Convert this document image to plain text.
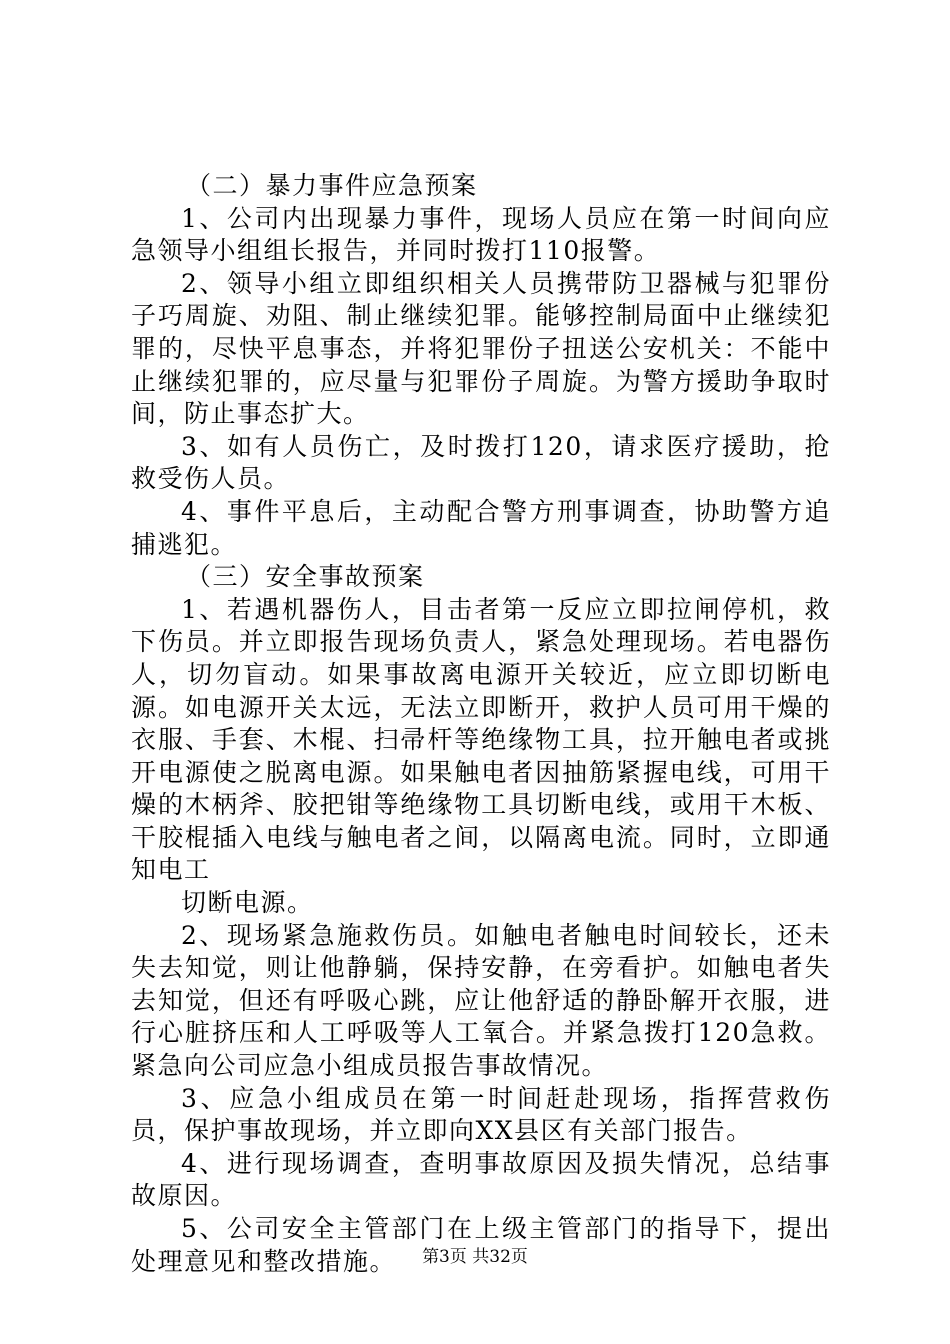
（二）暴力事件应急预案

1、公司内出现暴力事件，现场人员应在第一时间向应急领导小组组长报告，并同时拨打110报警。

2、领导小组立即组织相关人员携带防卫器械与犯罪份子巧周旋、劝阻、制止继续犯罪。能够控制局面中止继续犯罪的，尽快平息事态，并将犯罪份子扭送公安机关：不能中止继续犯罪的，应尽量与犯罪份子周旋。为警方援助争取时间，防止事态扩大。

3、如有人员伤亡，及时拨打120，请求医疗援助，抢救受伤人员。

4、事件平息后，主动配合警方刑事调查，协助警方追捕逃犯。

（三）安全事故预案

1、若遇机器伤人，目击者第一反应立即拉闸停机，救下伤员。并立即报告现场负责人，紧急处理现场。若电器伤人，切勿盲动。如果事故离电源开关较近，应立即切断电源。如电源开关太远，无法立即断开，救护人员可用干燥的衣服、手套、木棍、扫帚杆等绝缘物工具，拉开触电者或挑开电源使之脱离电源。如果触电者因抽筋紧握电线，可用干燥的木柄斧、胶把钳等绝缘物工具切断电线，或用干木板、干胶棍插入电线与触电者之间，以隔离电流。同时，立即通知电工

切断电源。

2、现场紧急施救伤员。如触电者触电时间较长，还未失去知觉，则让他静躺，保持安静，在旁看护。如触电者失去知觉，但还有呼吸心跳，应让他舒适的静卧解开衣服，进行心脏挤压和人工呼吸等人工氧合。并紧急拨打120急救。紧急向公司应急小组成员报告事故情况。

3、应急小组成员在第一时间赶赴现场，指挥营救伤员，保护事故现场，并立即向XX县区有关部门报告。

4、进行现场调查，查明事故原因及损失情况，总结事故原因。

5、公司安全主管部门在上级主管部门的指导下，提出处理意见和整改措施。	第3页 共32页
